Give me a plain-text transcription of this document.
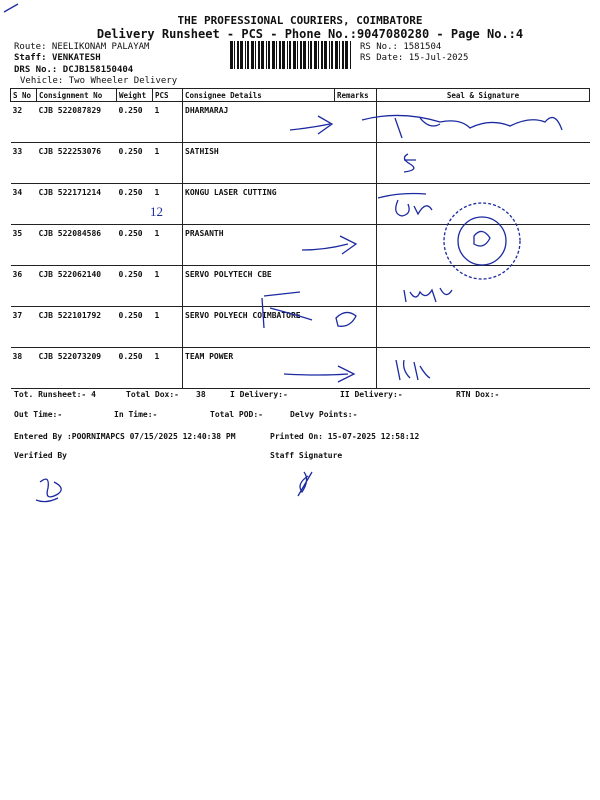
THE PROFESSIONAL COURIERS, COIMBATORE
Delivery Runsheet - PCS - Phone No.:9047080280 - Page No.:4
Route: NEELIKONAM PALAYAM
Staff: VENKATESH
DRS No.: DCJB158150404
Vehicle: Two Wheeler Delivery
RS No.: 1581504
RS Date: 15-Jul-2025
S No	Consignment No	Weight	PCS	Consignee Details	Remarks	Seal & Signature
32	CJB 522087829	0.250	1	DHARMARAJ		
33	CJB 522253076	0.250	1	SATHISH		
34	CJB 522171214	0.250	1	KONGU LASER CUTTING		
35	CJB 522084586	0.250	1	PRASANTH		
36	CJB 522062140	0.250	1	SERVO POLYTECH CBE		
37	CJB 522101792	0.250	1	SERVO POLYECH COIMBATORE		
38	CJB 522073209	0.250	1	TEAM POWER		
Tot. Runsheet:- 4	Total Dox:- 38	I Delivery:-	II Delivery:-	RTN Dox:-
Out Time:-	In Time:-	Total POD:-	Delvy Points:-
Entered By :POORNIMAPCS 07/15/2025 12:40:38 PM	Printed On: 15-07-2025 12:58:12
Verified By	Staff Signature
12
